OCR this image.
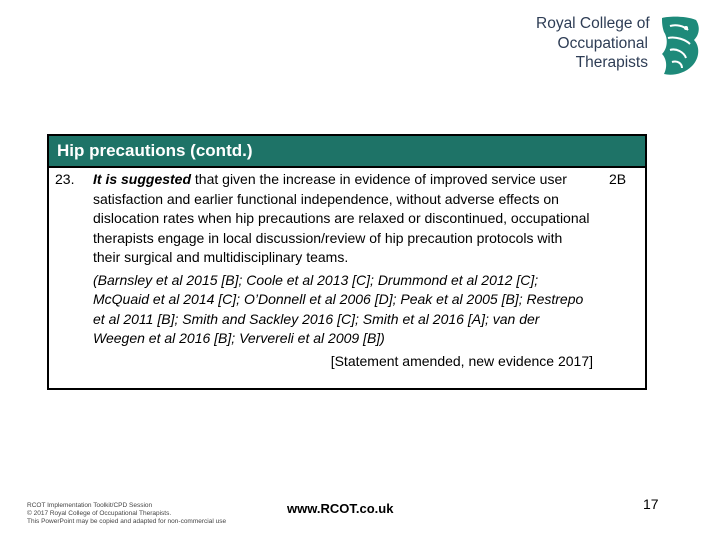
Royal College of
Occupational
Therapists
Hip precautions (contd.)
23. It is suggested that given the increase in evidence of improved service user satisfaction and earlier functional independence, without adverse effects on dislocation rates when hip precautions are relaxed or discontinued, occupational therapists engage in local discussion/review of hip precaution protocols with their surgical and multidisciplinary teams.

(Barnsley et al 2015 [B]; Coole et al 2013 [C]; Drummond et al 2012 [C]; McQuaid et al 2014 [C]; O’Donnell et al 2006 [D]; Peak et al 2005 [B]; Restrepo et al 2011 [B]; Smith and Sackley 2016 [C]; Smith et al 2016 [A]; van der Weegen et al 2016 [B]; Ververeli et al 2009 [B])

[Statement amended, new evidence 2017]

2B
RCOT Implementation Toolkit/CPD Session
© 2017 Royal College of Occupational Therapists.
This PowerPoint may be copied and adapted for non-commercial use
www.RCOT.co.uk	17
